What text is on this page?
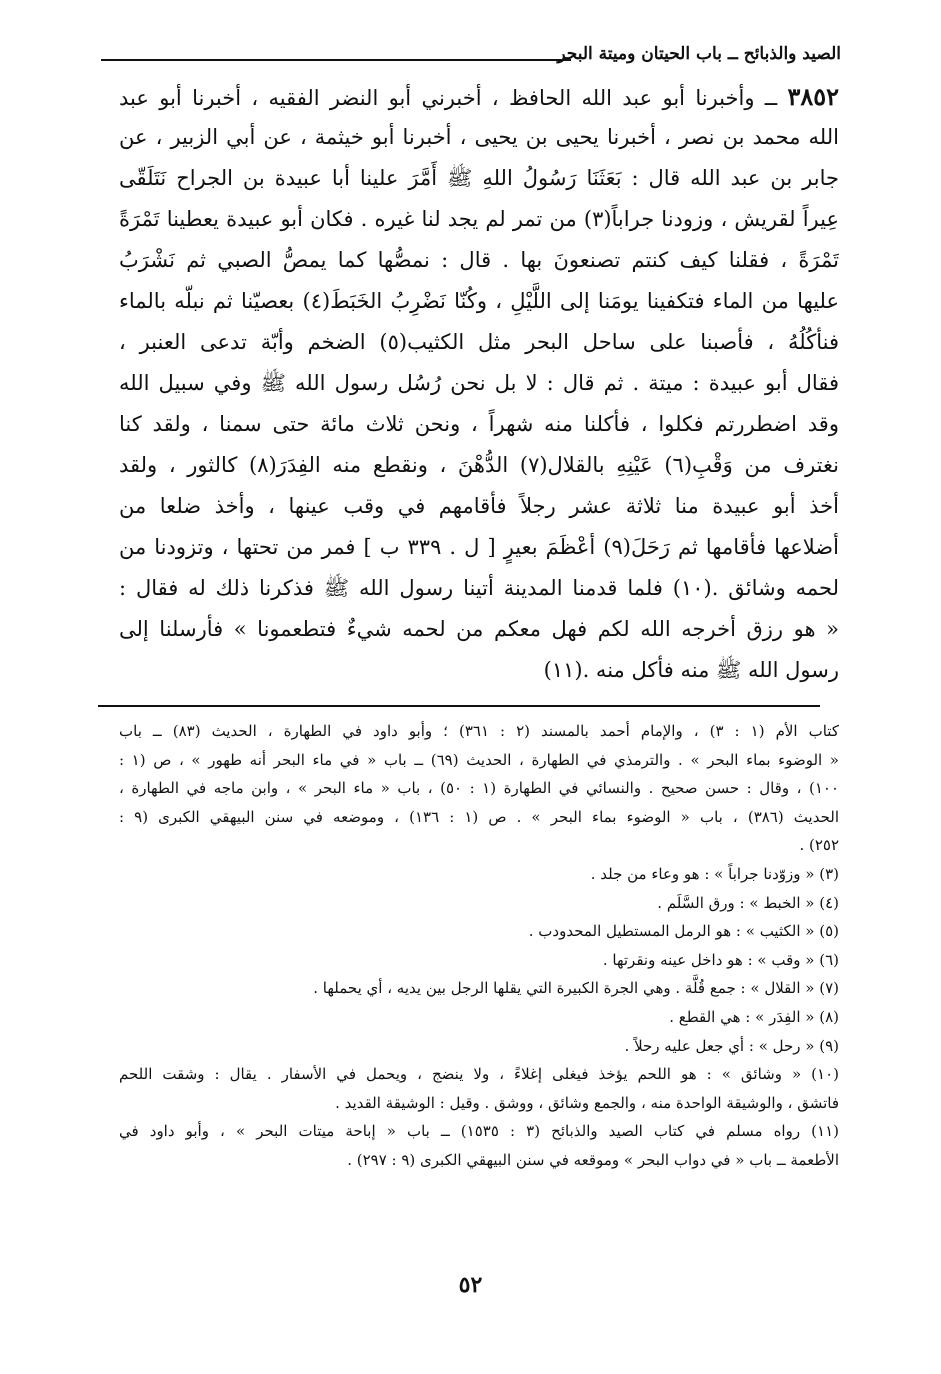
الصيد والذبائح ــ باب الحيتان وميتة البحر
٣٨٥٢ ــ وأخبرنا أبو عبد الله الحافظ ، أخبرني أبو النضر الفقيه ، أخبرنا أبو عبد
الله محمد بن نصر ، أخبرنا يحيى بن يحيى ، أخبرنا أبو خيثمة ، عن أبي الزبير ، عن
جابر بن عبد الله قال : بَعَثَنَا رَسُولُ اللهِ ﷺ أَمَّرَ علينا أبا عبيدة بن الجراح نَتَلَقّى
عِيراً لقريش ، وزودنا جراباً(٣) من تمر لم يجد لنا غيره . فكان أبو عبيدة يعطينا تَمْرَةً
تَمْرَةً ، فقلنا كيف كنتم تصنعونَ بها . قال : نمصُّها كما يمصُّ الصبي ثم نَشْرَبُ
عليها من الماء فتكفينا يومَنا إلى اللَّيْلِ ، وكُنّا نَضْرِبُ الخَبَطَ(٤) بعصيّنا ثم نبلّه بالماء
فنأكُلُهُ ، فأصبنا على ساحل البحر مثل الكثيب(٥) الضخم وأبّة تدعى العنبر ،
فقال أبو عبيدة : ميتة . ثم قال : لا بل نحن رُسُل رسول الله ﷺ وفي سبيل الله
وقد اضطررتم فكلوا ، فأكلنا منه شهراً ، ونحن ثلاث مائة حتى سمنا ، ولقد كنا
نغترف من وَقْبِ(٦) عَيْنِهِ بالقلال(٧) الدُّهْنَ ، ونقطع منه الفِدَرَ(٨) كالثور ، ولقد
أخذ أبو عبيدة منا ثلاثة عشر رجلاً فأقامهم في وقب عينها ، وأخذ ضلعا من
أضلاعها فأقامها ثم رَحَلَ(٩) أعْظَمَ بعيرٍ [ ل . ٣٣٩ ب ] فمر من تحتها ، وتزودنا من
لحمه وشائق .(١٠) فلما قدمنا المدينة أتينا رسول الله ﷺ فذكرنا ذلك له فقال :
« هو رزق أخرجه الله لكم فهل معكم من لحمه شيءٌ فتطعمونا » فأرسلنا إلى
رسول الله ﷺ منه فأكل منه .(١١)
كتاب الأم (١ : ٣) ، والإمام أحمد بالمسند (٢ : ٣٦١) ؛ وأبو داود في الطهارة ، الحديث (٨٣) ــ باب
« الوضوء بماء البحر » . والترمذي في الطهارة ، الحديث (٦٩) ــ باب « في ماء البحر أنه طهور » ، ص (١ :
١٠٠) ، وقال : حسن صحيح . والنسائي في الطهارة (١ : ٥٠) ، باب « ماء البحر » ، وابن ماجه في الطهارة ،
الحديث (٣٨٦) ، باب « الوضوء بماء البحر » . ص (١ : ١٣٦) ، وموضعه في سنن البيهقي الكبرى (٩ :
٢٥٢) .
(٣) « وزوّدنا جراباً » : هو وعاء من جلد .
(٤) « الخبط » : ورق السَّلَم .
(٥) « الكثيب » : هو الرمل المستطيل المحدودب .
(٦) « وقب » : هو داخل عينه ونقرتها .
(٧) « القلال » : جمع قُلَّة . وهي الجرة الكبيرة التي يقلها الرجل بين يديه ، أي يحملها .
(٨) « الفِدَر » : هي القطع .
(٩) « رحل » : أي جعل عليه رحلاً .
(١٠) « وشائق » : هو اللحم يؤخذ فيغلى إغلاءً ، ولا ينضج ، ويحمل في الأسفار . يقال : وشقت اللحم
فاتشق ، والوشيقة الواحدة منه ، والجمع وشائق ، ووشق . وقيل : الوشيقة القديد .
(١١) رواه مسلم في كتاب الصيد والذبائح (٣ : ١٥٣٥) ــ باب « إباحة ميتات البحر » ، وأبو داود في
الأطعمة ــ باب « في دواب البحر » وموقعه في سنن البيهقي الكبرى (٩ : ٢٩٧) .
٥٢
